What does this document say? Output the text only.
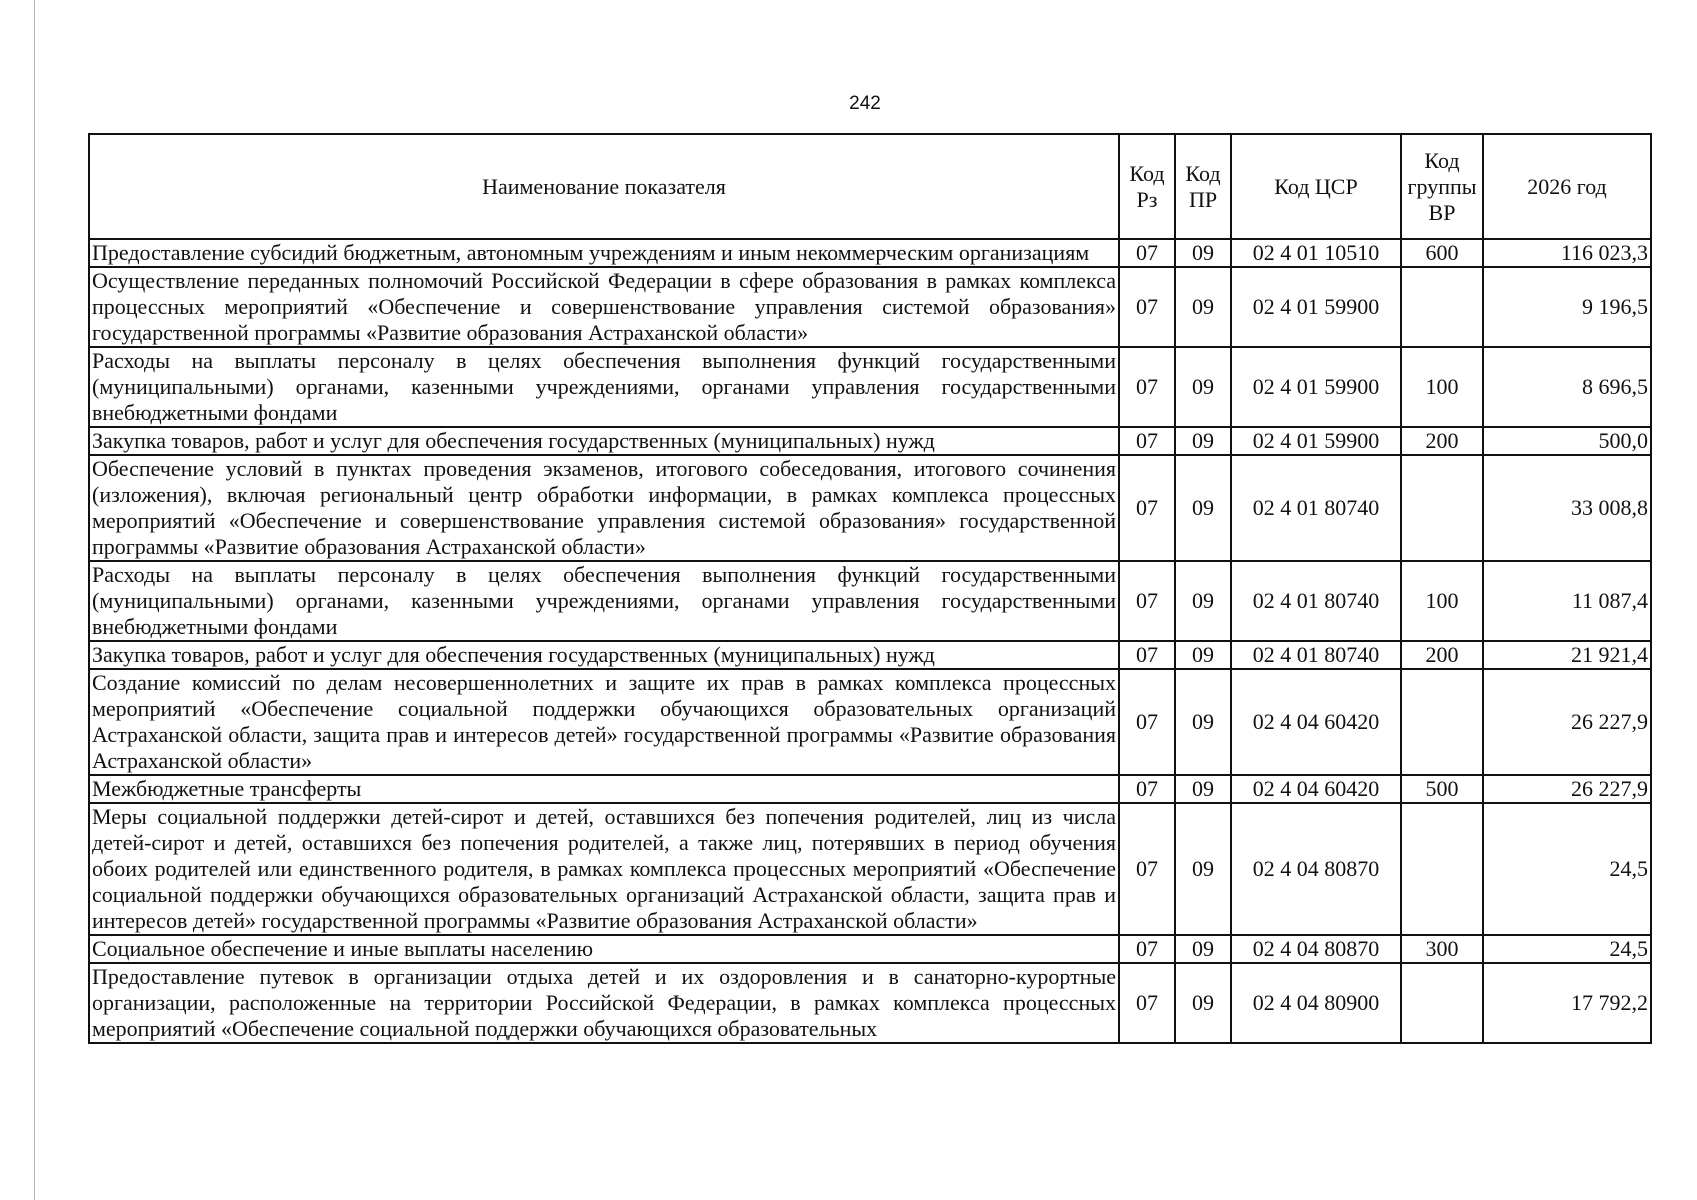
242
Наименование показателя	Код Рз	Код ПР	Код ЦСР	Код группы ВР	2026 год
Предоставление субсидий бюджетным, автономным учреждениям и иным некоммерческим организациям	07	09	02 4 01 10510	600	116 023,3
Осуществление переданных полномочий Российской Федерации в сфере образования в рамках комплекса процессных мероприятий «Обеспечение и совершенствование управления системой образования» государственной программы «Развитие образования Астраханской области»	07	09	02 4 01 59900		9 196,5
Расходы на выплаты персоналу в целях обеспечения выполнения функций государственными (муниципальными) органами, казенными учреждениями, органами управления государственными внебюджетными фондами	07	09	02 4 01 59900	100	8 696,5
Закупка товаров, работ и услуг для обеспечения государственных (муниципальных) нужд	07	09	02 4 01 59900	200	500,0
Обеспечение условий в пунктах проведения экзаменов, итогового собеседования, итогового сочинения (изложения), включая региональный центр обработки информации, в рамках комплекса процессных мероприятий «Обеспечение и совершенствование управления системой образования» государственной программы «Развитие образования Астраханской области»	07	09	02 4 01 80740		33 008,8
Расходы на выплаты персоналу в целях обеспечения выполнения функций государственными (муниципальными) органами, казенными учреждениями, органами управления государственными внебюджетными фондами	07	09	02 4 01 80740	100	11 087,4
Закупка товаров, работ и услуг для обеспечения государственных (муниципальных) нужд	07	09	02 4 01 80740	200	21 921,4
Создание комиссий по делам несовершеннолетних и защите их прав в рамках комплекса процессных мероприятий «Обеспечение социальной поддержки обучающихся образовательных организаций Астраханской области, защита прав и интересов детей» государственной программы «Развитие образования Астраханской области»	07	09	02 4 04 60420		26 227,9
Межбюджетные трансферты	07	09	02 4 04 60420	500	26 227,9
Меры социальной поддержки детей-сирот и детей, оставшихся без попечения родителей, лиц из числа детей-сирот и детей, оставшихся без попечения родителей, а также лиц, потерявших в период обучения обоих родителей или единственного родителя, в рамках комплекса процессных мероприятий «Обеспечение социальной поддержки обучающихся образовательных организаций Астраханской области, защита прав и интересов детей» государственной программы «Развитие образования Астраханской области»	07	09	02 4 04 80870		24,5
Социальное обеспечение и иные выплаты населению	07	09	02 4 04 80870	300	24,5
Предоставление путевок в организации отдыха детей и их оздоровления и в санаторно-курортные организации, расположенные на территории Российской Федерации, в рамках комплекса процессных мероприятий «Обеспечение социальной поддержки обучающихся образовательных	07	09	02 4 04 80900		17 792,2
